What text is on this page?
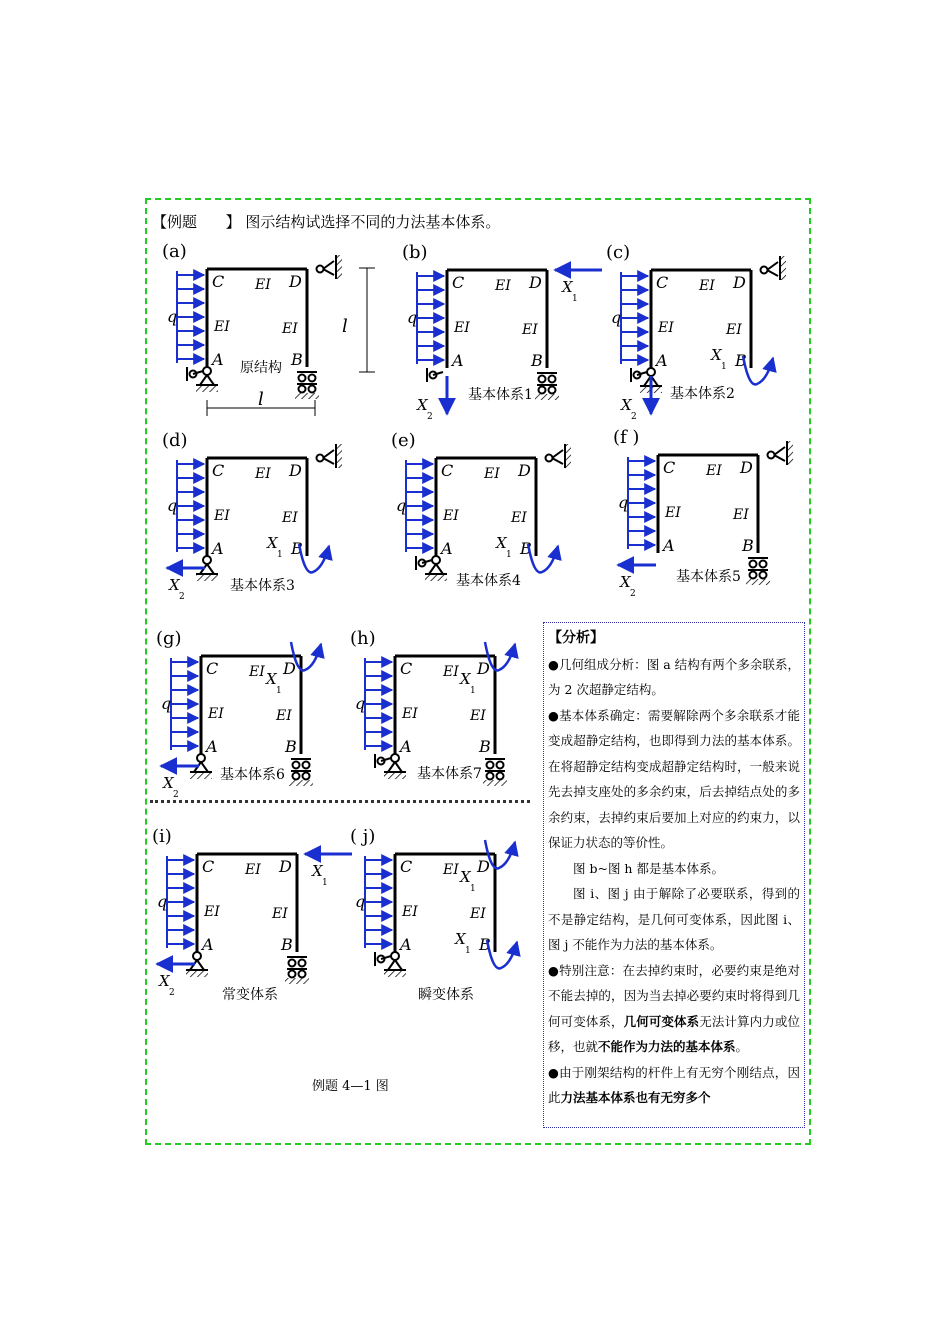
【例题      】 图示结构试选择不同的力法基本体系。
(a)
C	D
EI
EI	EI
A	B
q
原结构
l
l
(b)
C	D
EI
EI	EI
A	B
q
X
2
X
1
基本体系1
(c)
C	D
EI
EI	EI
A	B
q
X
2
X
1
基本体系2
(d)
C	D
EI
EI	EI
A	B
q
X
2
X
1
基本体系3
(e)
C	D
EI
EI	EI
A	B
q
X
1
基本体系4
(f )
C	D
EI
EI	EI
A	B
q
X
2
基本体系5
(g)
C	D
EI
EI	EI
A	B
q
X
2
X
1
基本体系6
(h)
C	D
EI
EI	EI
A	B
q
X
1
基本体系7
(i)
C	D
EI
EI	EI
A	B
q
X
2
X
1
常变体系
( j)
C	D
EI
EI	EI
A	B
q
X
1
X
1
瞬变体系

【分析】

●几何组成分析：图 a 结构有两个多余联系，为 2 次超静定结构。

●基本体系确定：需要解除两个多余联系才能变成超静定结构，也即得到力法的基本体系。在将超静定结构变成超静定结构时，一般来说先去掉支座处的多余约束，后去掉结点处的多余约束，去掉约束后要加上对应的约束力，以保证力状态的等价性。

图 b~图 h 都是基本体系。

图 i、图 j 由于解除了必要联系，得到的不是静定结构，是几何可变体系，因此图 i、图 j 不能作为力法的基本体系。

●特别注意：在去掉约束时，必要约束是绝对不能去掉的，因为当去掉必要约束时将得到几何可变体系，几何可变体系无法计算内力或位移，也就不能作为力法的基本体系。

●由于刚架结构的杆件上有无穷个刚结点，因此力法基本体系也有无穷多个

例题 4—1 图
